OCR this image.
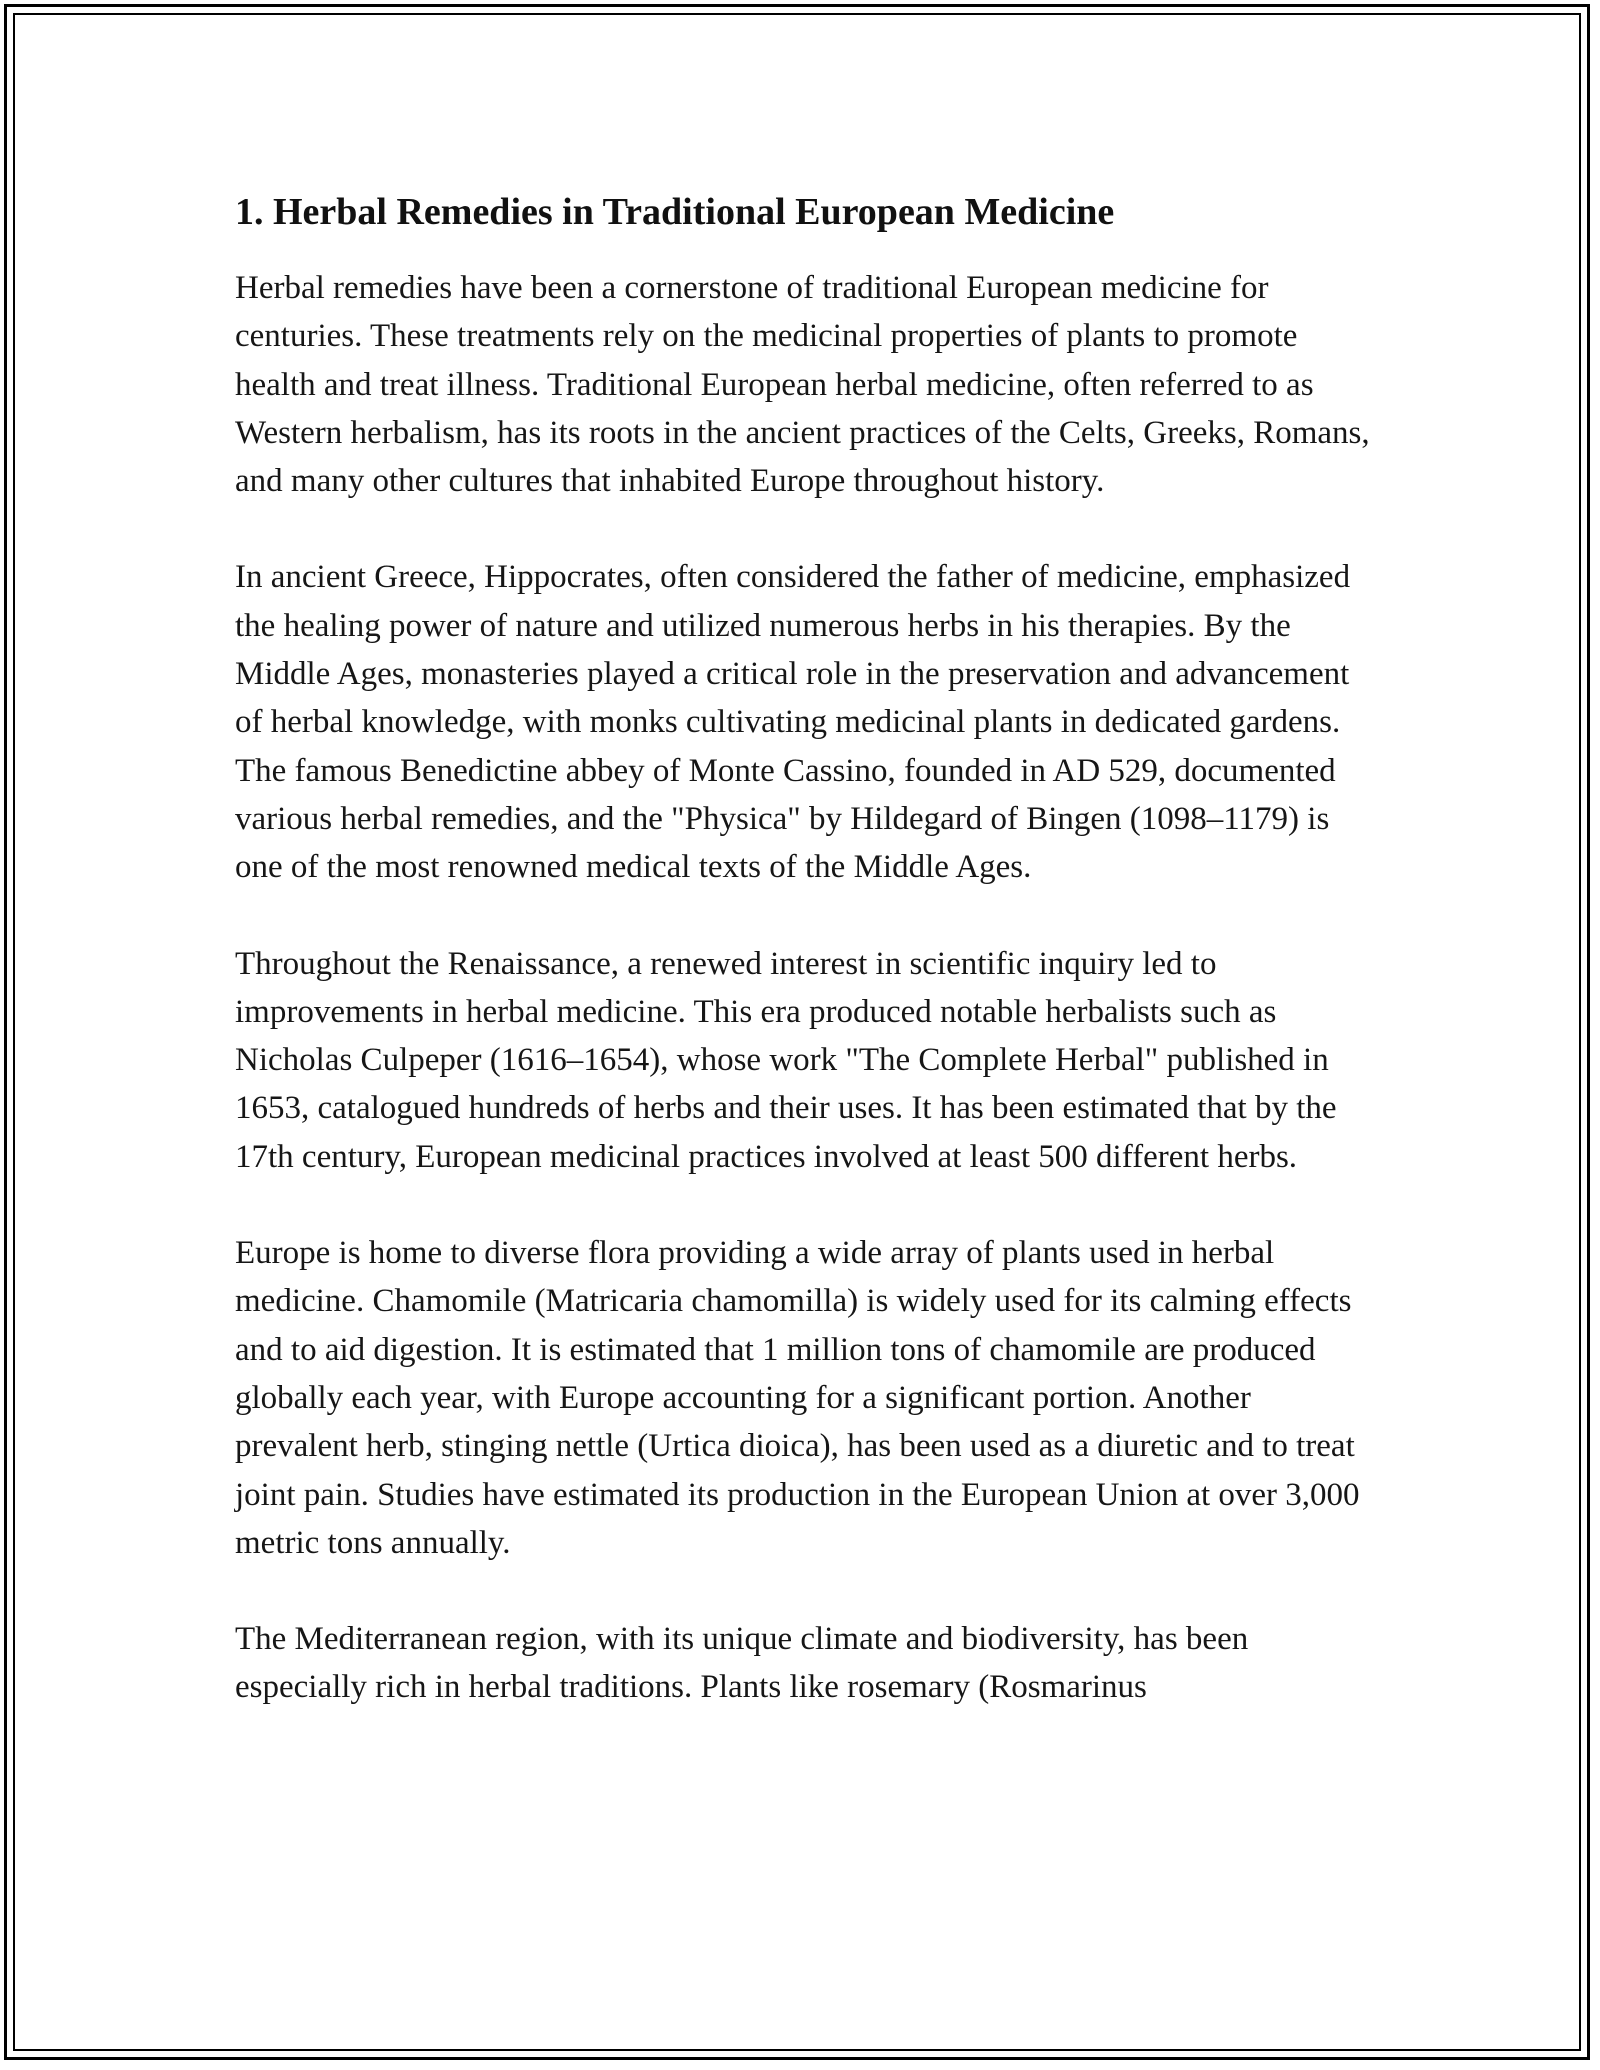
1. Herbal Remedies in Traditional European Medicine

Herbal remedies have been a cornerstone of traditional European medicine for centuries. These treatments rely on the medicinal properties of plants to promote health and treat illness. Traditional European herbal medicine, often referred to as Western herbalism, has its roots in the ancient practices of the Celts, Greeks, Romans, and many other cultures that inhabited Europe throughout history.

In ancient Greece, Hippocrates, often considered the father of medicine, emphasized the healing power of nature and utilized numerous herbs in his therapies. By the Middle Ages, monasteries played a critical role in the preservation and advancement of herbal knowledge, with monks cultivating medicinal plants in dedicated gardens. The famous Benedictine abbey of Monte Cassino, founded in AD 529, documented various herbal remedies, and the "Physica" by Hildegard of Bingen (1098–1179) is one of the most renowned medical texts of the Middle Ages.

Throughout the Renaissance, a renewed interest in scientific inquiry led to improvements in herbal medicine. This era produced notable herbalists such as Nicholas Culpeper (1616–1654), whose work "The Complete Herbal" published in 1653, catalogued hundreds of herbs and their uses. It has been estimated that by the 17th century, European medicinal practices involved at least 500 different herbs.

Europe is home to diverse flora providing a wide array of plants used in herbal medicine. Chamomile (Matricaria chamomilla) is widely used for its calming effects and to aid digestion. It is estimated that 1 million tons of chamomile are produced globally each year, with Europe accounting for a significant portion. Another prevalent herb, stinging nettle (Urtica dioica), has been used as a diuretic and to treat joint pain. Studies have estimated its production in the European Union at over 3,000 metric tons annually.

The Mediterranean region, with its unique climate and biodiversity, has been especially rich in herbal traditions. Plants like rosemary (Rosmarinus
